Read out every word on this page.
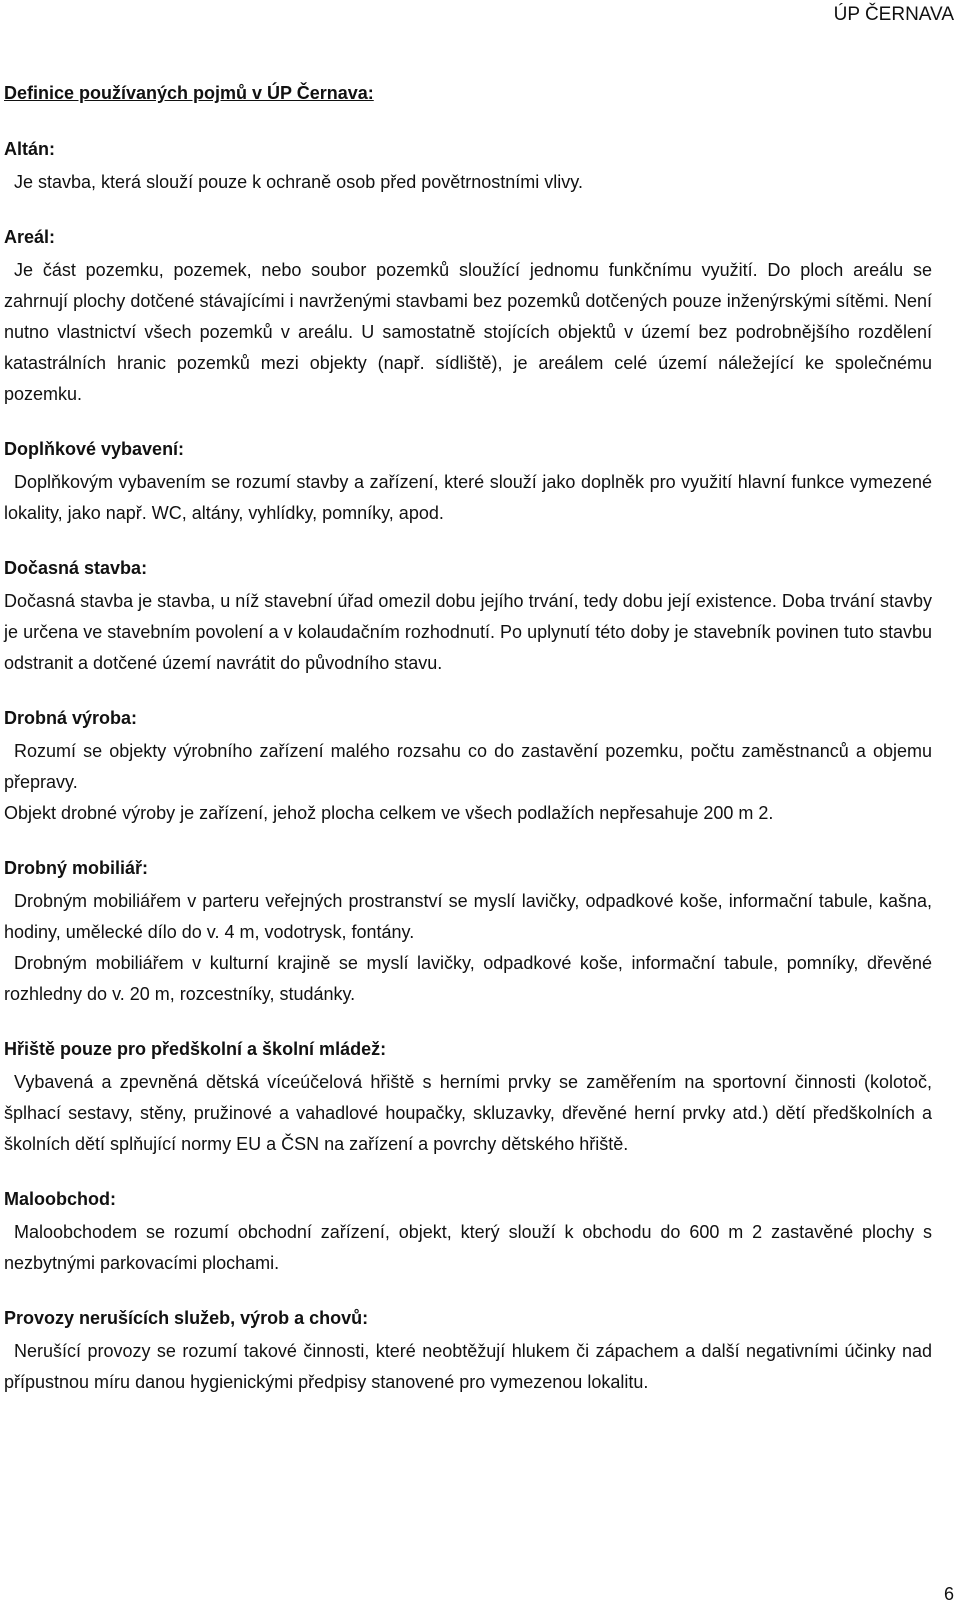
ÚP ČERNAVA
Definice používaných pojmů v ÚP Černava:
Altán:

Je stavba, která slouží pouze k ochraně osob před povětrnostními vlivy.

Areál:

Je část pozemku, pozemek, nebo soubor pozemků sloužící jednomu funkčnímu využití. Do ploch areálu se zahrnují plochy dotčené stávajícími i navrženými stavbami bez pozemků dotčených pouze inženýrskými sítěmi. Není nutno vlastnictví všech pozemků v areálu. U samostatně stojících objektů v území bez podrobnějšího rozdělení katastrálních hranic pozemků mezi objekty (např. sídliště), je areálem celé území náležející ke společnému pozemku.

Doplňkové vybavení:

Doplňkovým vybavením se rozumí stavby a zařízení, které slouží jako doplněk pro využití hlavní funkce vymezené lokality, jako např. WC, altány, vyhlídky, pomníky, apod.

Dočasná stavba:

Dočasná stavba je stavba, u níž stavební úřad omezil dobu jejího trvání, tedy dobu její existence. Doba trvání stavby je určena ve stavebním povolení a v kolaudačním rozhodnutí. Po uplynutí této doby je stavebník povinen tuto stavbu odstranit a dotčené území navrátit do původního stavu.

Drobná výroba:

Rozumí se objekty výrobního zařízení malého rozsahu co do zastavění pozemku, počtu zaměstnanců a objemu přepravy.

Objekt drobné výroby je zařízení, jehož plocha celkem ve všech podlažích nepřesahuje 200 m 2.

Drobný mobiliář:

Drobným mobiliářem v parteru veřejných prostranství se myslí lavičky, odpadkové koše, informační tabule, kašna, hodiny, umělecké dílo do v. 4 m, vodotrysk, fontány.

Drobným mobiliářem v kulturní krajině se myslí lavičky, odpadkové koše, informační tabule, pomníky, dřevěné rozhledny do v. 20 m, rozcestníky, studánky.

Hřiště pouze pro předškolní a školní mládež:

Vybavená a zpevněná dětská víceúčelová hřiště s herními prvky se zaměřením na sportovní činnosti (kolotoč, šplhací sestavy, stěny, pružinové a vahadlové houpačky, skluzavky, dřevěné herní prvky atd.) dětí předškolních a školních dětí splňující normy EU a ČSN na zařízení a povrchy dětského hřiště.

Maloobchod:

Maloobchodem se rozumí obchodní zařízení, objekt, který slouží k obchodu do 600 m 2 zastavěné plochy s nezbytnými parkovacími plochami.

Provozy nerušících služeb, výrob a chovů:

Nerušící provozy se rozumí takové činnosti, které neobtěžují hlukem či zápachem a další negativními účinky nad přípustnou míru danou hygienickými předpisy stanovené pro vymezenou lokalitu.

6
